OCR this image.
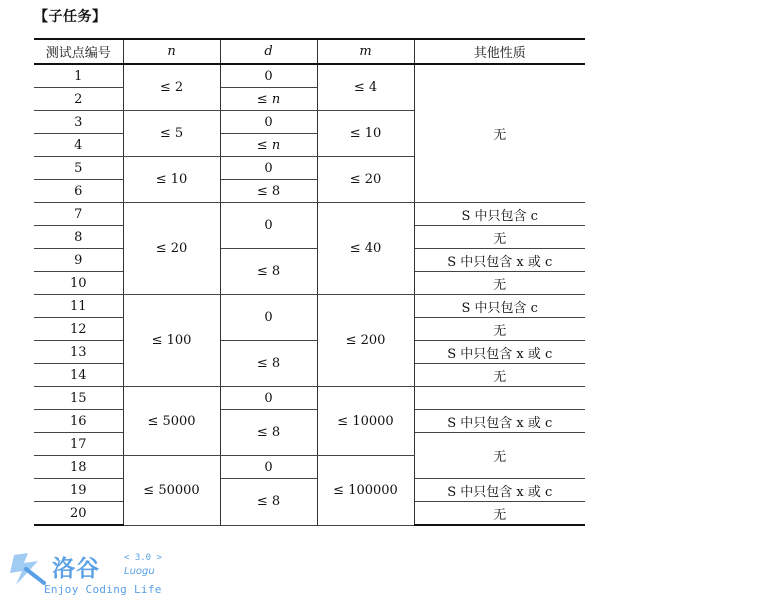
【子任务】
测试点编号	n	d	m	其他性质
1	≤ 2	0	≤ 4	无
2		≤ n		
3	≤ 5	0	≤ 10	
4		≤ n		
5	≤ 10	0	≤ 20	
6		≤ 8		
7	≤ 20	0	≤ 40	S 中只包含 c
8				无
9		≤ 8		S 中只包含 x 或 c
10				无
11	≤ 100	0	≤ 200	S 中只包含 c
12				无
13		≤ 8		S 中只包含 x 或 c
14				无
15	≤ 5000	0	≤ 10000	
16		≤ 8		S 中只包含 x 或 c
17				无
18	≤ 50000	0	≤ 100000	
19		≤ 8		S 中只包含 x 或 c
20				无
洛谷	< 3.0 >
Luogu
Enjoy Coding Life
